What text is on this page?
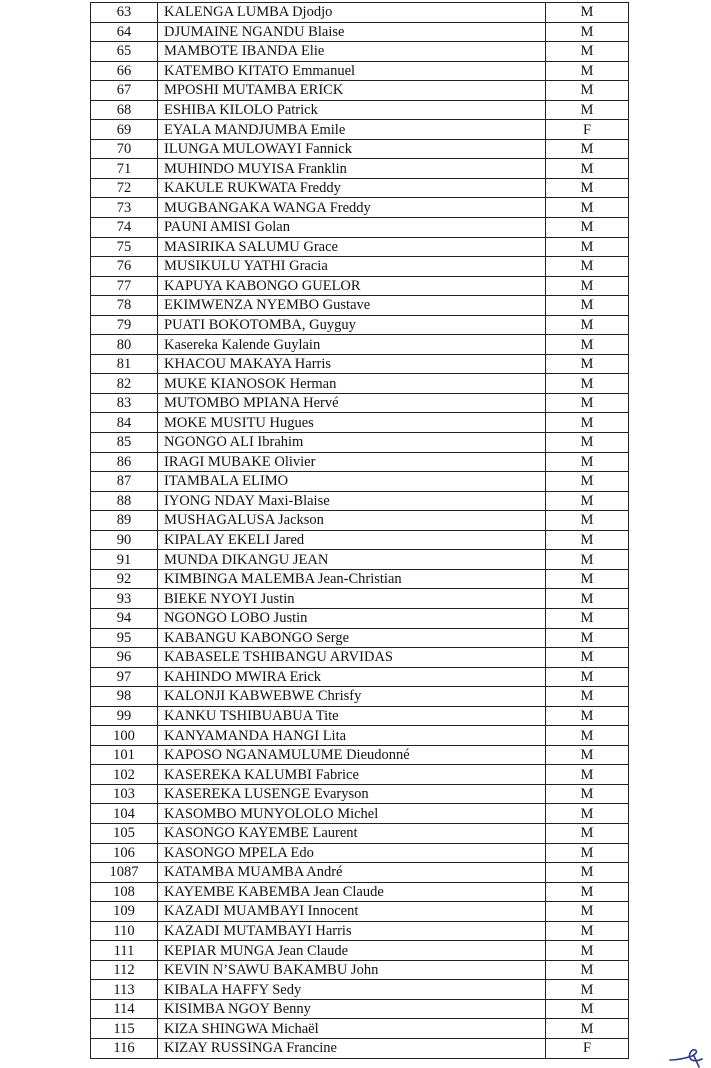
63	KALENGA LUMBA Djodjo	M
64	DJUMAINE NGANDU Blaise	M
65	MAMBOTE IBANDA Elie	M
66	KATEMBO KITATO Emmanuel	M
67	MPOSHI MUTAMBA ERICK	M
68	ESHIBA KILOLO Patrick	M
69	EYALA MANDJUMBA Emile	F
70	ILUNGA MULOWAYI Fannick	M
71	MUHINDO MUYISA Franklin	M
72	KAKULE RUKWATA Freddy	M
73	MUGBANGAKA WANGA Freddy	M
74	PAUNI AMISI Golan	M
75	MASIRIKA SALUMU Grace	M
76	MUSIKULU YATHI Gracia	M
77	KAPUYA KABONGO GUELOR	M
78	EKIMWENZA NYEMBO Gustave	M
79	PUATI BOKOTOMBA, Guyguy	M
80	Kasereka Kalende Guylain	M
81	KHACOU MAKAYA Harris	M
82	MUKE KIANOSOK Herman	M
83	MUTOMBO MPIANA Hervé	M
84	MOKE MUSITU Hugues	M
85	NGONGO ALI Ibrahim	M
86	IRAGI MUBAKE Olivier	M
87	ITAMBALA ELIMO	M
88	IYONG NDAY Maxi-Blaise	M
89	MUSHAGALUSA Jackson	M
90	KIPALAY EKELI Jared	M
91	MUNDA DIKANGU JEAN	M
92	KIMBINGA MALEMBA Jean-Christian	M
93	BIEKE NYOYI Justin	M
94	NGONGO LOBO Justin	M
95	KABANGU KABONGO Serge	M
96	KABASELE TSHIBANGU ARVIDAS	M
97	KAHINDO MWIRA Erick	M
98	KALONJI KABWEBWE Chrisfy	M
99	KANKU TSHIBUABUA Tite	M
100	KANYAMANDA HANGI Lita	M
101	KAPOSO NGANAMULUME Dieudonné	M
102	KASEREKA KALUMBI Fabrice	M
103	KASEREKA LUSENGE Evaryson	M
104	KASOMBO MUNYOLOLO Michel	M
105	KASONGO KAYEMBE Laurent	M
106	KASONGO MPELA Edo	M
1087	KATAMBA MUAMBA André	M
108	KAYEMBE KABEMBA Jean Claude	M
109	KAZADI MUAMBAYI Innocent	M
110	KAZADI MUTAMBAYI Harris	M
111	KEPIAR MUNGA Jean Claude	M
112	KEVIN N’SAWU BAKAMBU John	M
113	KIBALA HAFFY Sedy	M
114	KISIMBA NGOY Benny	M
115	KIZA SHINGWA Michaël	M
116	KIZAY RUSSINGA Francine	F
